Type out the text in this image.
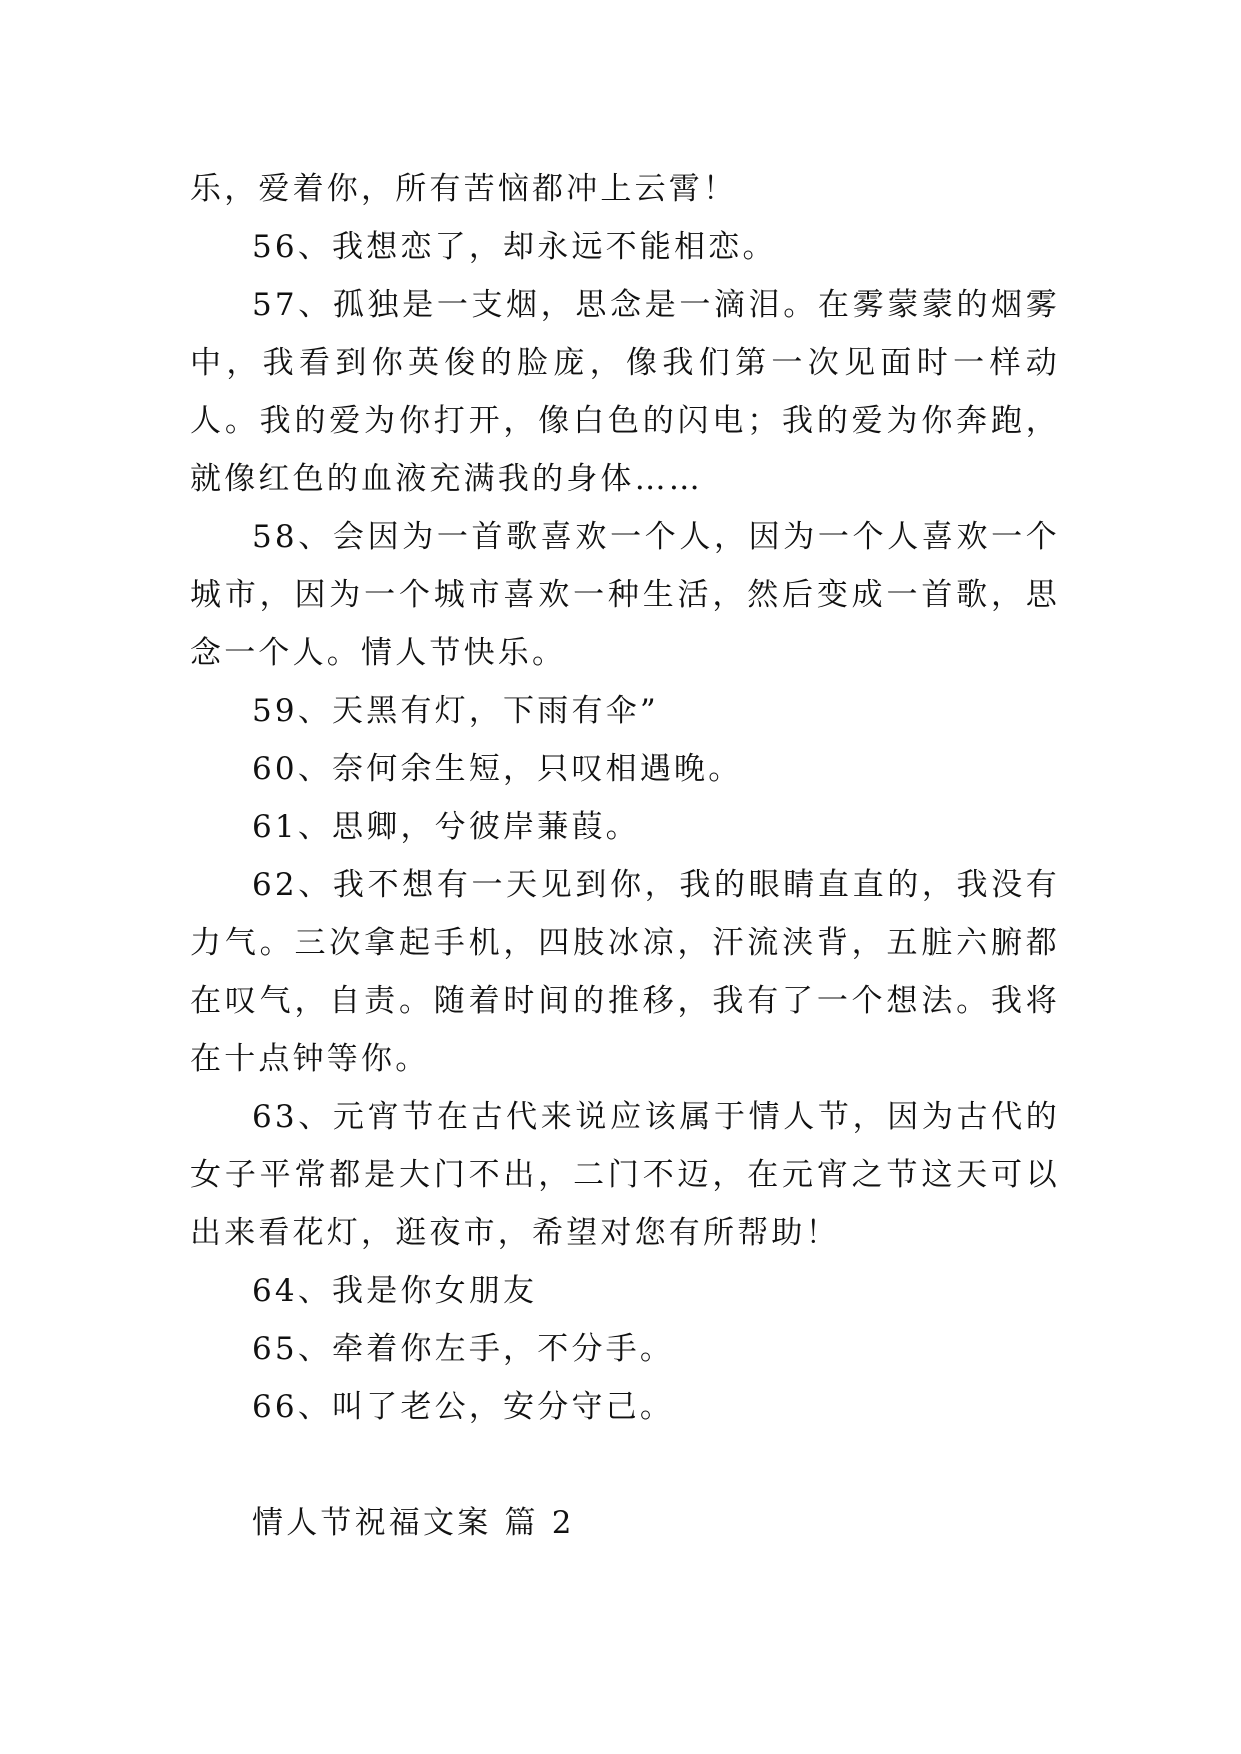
乐，爱着你，所有苦恼都冲上云霄！

56、我想恋了，却永远不能相恋。

57、孤独是一支烟，思念是一滴泪。在雾蒙蒙的烟雾中，我看到你英俊的脸庞，像我们第一次见面时一样动人。我的爱为你打开，像白色的闪电；我的爱为你奔跑，就像红色的血液充满我的身体……

58、会因为一首歌喜欢一个人，因为一个人喜欢一个城市，因为一个城市喜欢一种生活，然后变成一首歌，思念一个人。情人节快乐。

59、天黑有灯，下雨有伞”

60、奈何余生短，只叹相遇晚。

61、思卿，兮彼岸蒹葭。

62、我不想有一天见到你，我的眼睛直直的，我没有力气。三次拿起手机，四肢冰凉，汗流浃背，五脏六腑都在叹气，自责。随着时间的推移，我有了一个想法。我将在十点钟等你。

63、元宵节在古代来说应该属于情人节，因为古代的女子平常都是大门不出，二门不迈，在元宵之节这天可以出来看花灯，逛夜市，希望对您有所帮助！

64、我是你女朋友

65、牵着你左手，不分手。

66、叫了老公，安分守己。

情人节祝福文案 篇 2
